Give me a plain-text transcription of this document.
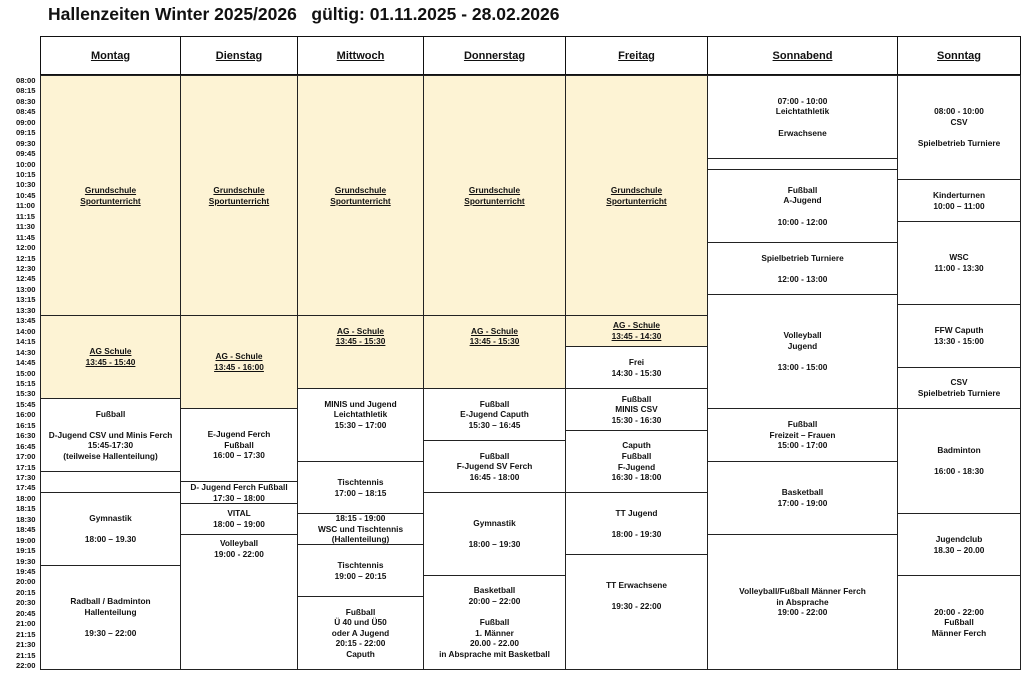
Hallenzeiten Winter 2025/2026   gültig: 01.11.2025 - 28.02.2026
Montag
Grundschule
Sportunterricht
AG Schule
13:45 - 15:40
Fußball
D-Jugend CSV und Minis Ferch
15:45-17:30
(teilweise Hallenteilung)
Gymnastik
18:00 – 19.30
Radball / Badminton
Hallenteilung
19:30 – 22:00
Dienstag
Grundschule
Sportunterricht
AG - Schule
13:45 - 16:00
E-Jugend Ferch
Fußball
16:00 – 17:30
D- Jugend Ferch Fußball
17:30 – 18:00
VITAL
18:00 – 19:00
Volleyball
19:00 - 22:00
Mittwoch
Grundschule
Sportunterricht
AG - Schule
13:45 - 15:30
MINIS und Jugend
Leichtathletik
15:30 – 17:00
Tischtennis
17:00 – 18:15
18:15 - 19:00
WSC und Tischtennis
(Hallenteilung)
Tischtennis
19:00 – 20:15
Fußball
Ü 40 und Ü50
oder A Jugend
20:15 - 22:00
Caputh
Donnerstag
Grundschule
Sportunterricht
AG - Schule
13:45 - 15:30
Fußball
E-Jugend Caputh
15:30 – 16:45
Fußball
F-Jugend SV Ferch
16:45 - 18:00
Gymnastik
18:00 – 19:30
Basketball
20:00 – 22:00
Fußball
1. Männer
20.00 - 22.00
in Absprache mit Basketball
Freitag
Grundschule
Sportunterricht
AG - Schule
13:45 - 14:30
Frei
14:30 - 15:30
Fußball
MINIS CSV
15:30 - 16:30
Caputh
Fußball
F-Jugend
16:30 - 18:00
TT Jugend
18:00 - 19:30
TT Erwachsene
19:30 - 22:00
Sonnabend
07:00 - 10:00
Leichtathletik
Erwachsene
Fußball
A-Jugend
10:00 - 12:00
Spielbetrieb Turniere
12:00 - 13:00
Volleyball
Jugend
13:00 - 15:00
Fußball
Freizeit – Frauen
15:00 - 17:00
Basketball
17:00 - 19:00
Volleyball/Fußball Männer Ferch
in Absprache
19:00 - 22:00
Sonntag
08:00 - 10:00
CSV
Spielbetrieb Turniere
Kinderturnen
10:00 – 11:00
WSC
11:00 - 13:30
FFW Caputh
13:30 - 15:00
CSV
Spielbetrieb Turniere
Badminton
16:00 - 18:30
Jugendclub
18.30 – 20.00
20:00 - 22:00
Fußball
Männer Ferch
08:00
08:15
08:30
08:45
09:00
09:15
09:30
09:45
10:00
10:15
10:30
10:45
11:00
11:15
11:30
11:45
12:00
12:15
12:30
12:45
13:00
13:15
13:30
13:45
14:00
14:15
14:30
14:45
15:00
15:15
15:30
15:45
16:00
16:15
16:30
16:45
17:00
17:15
17:30
17:45
18:00
18:15
18:30
18:45
19:00
19:15
19:30
19:45
20:00
20:15
20:30
20:45
21:00
21:15
21:30
21:15
22:00
